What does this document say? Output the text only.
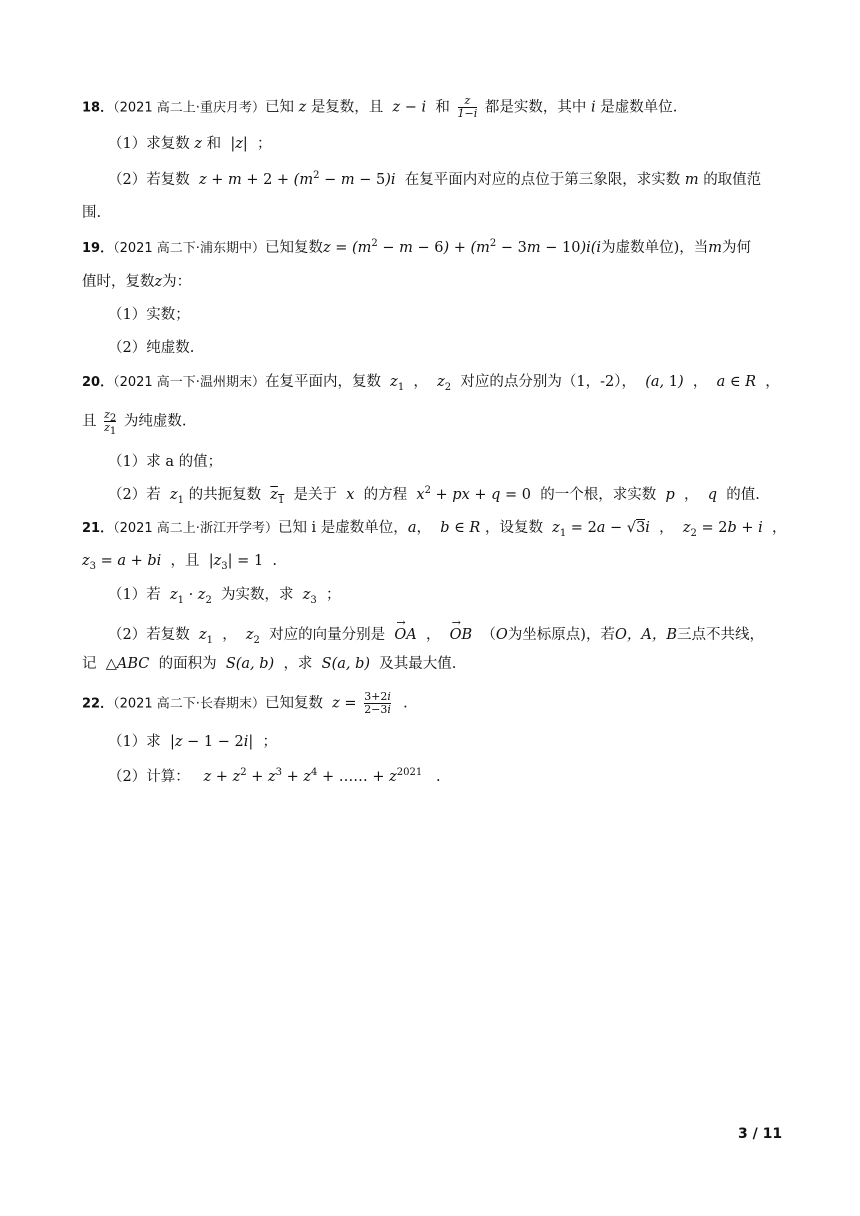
18．（2021 高二上·重庆月考）已知 z 是复数，且 z − i 和 $\frac{z}{1-i}$ 都是实数，其中 i 是虚数单位.
（1）求复数 z 和 |z| ；
（2）若复数 $z + m + 2 + (m^2 - m - 5)i$ 在复平面内对应的点位于第三象限，求实数 m 的取值范
围.
19．（2021 高二下·浦东期中）已知复数$z = (m^2 - m - 6) + (m^2 - 3m - 10)i(i$为虚数单位)，当m为何
值时，复数z为：
（1）实数；
（2）纯虚数.
20．（2021 高一下·温州期末）在复平面内，复数 $z_1$ ， $z_2$ 对应的点分别为（1，-2）， (a, 1) ， a ∈ R ，
且 $\frac{z_2}{z_1}$ 为纯虚数.
（1）求 a 的值；
（2）若 $z_1$ 的共扼复数 $z_1$ 是关于 x 的方程 $x^2$ + px + q = 0 的一个根，求实数 p ， q 的值.
21．（2021 高二上·浙江开学考）已知 i 是虚数单位，a，  b ∈ R ，设复数 $z_1 = 2a - √3i$ ， $z_2 = 2b + i$ ，
$z_3 = a$ + bi ，且 $|z_3| = 1$ .
（1）若 $z_1 \cdot z_2$ 为实数，求 $z_3$ ；
（2）若复数 $z_1$ ， $z_2$ 对应的向量分别是 → OA ， → OB （O为坐标原点)，若O，A，B三点不共线，
记 △ABC 的面积为 S(a, b) ，求 S(a, b) 及其最大值.
22．（2021 高二下·长春期末）已知复数 $z = \frac{3+2i}{2-3i}$ .
（1）求 |z − 1 − 2i| ；
（2）计算： $z + z^2 + z^3 + z^4$ + …… + $z^{2021}$ .
3 / 11
